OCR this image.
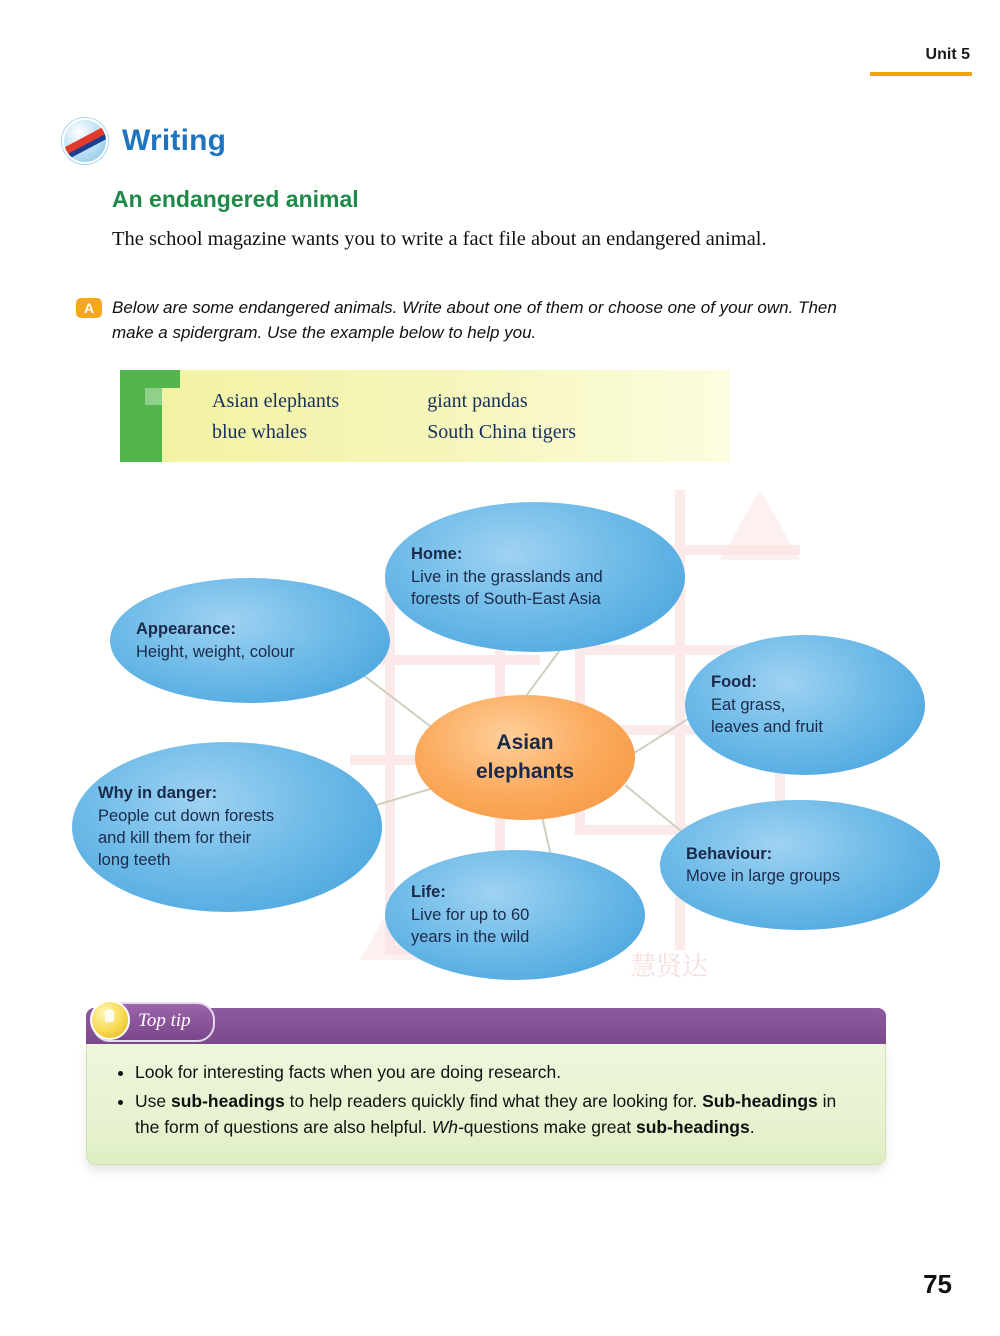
慧贤达
Unit 5
Writing
An endangered animal
The school magazine wants you to write a fact file about an endangered animal.
A	Below are some endangered animals. Write about one of them or choose one of your own. Then make a spidergram. Use the example below to help you.
Asian elephants
blue whales
giant pandas
South China tigers
Asian
elephants
Home:
Live in the grasslands and
forests of South-East Asia
Appearance:
Height, weight, colour
Food:
Eat grass,
leaves and fruit
Why in danger:
People cut down forests
and kill them for their
long teeth	Behaviour:
Move in large groups
Life:
Live for up to 60
years in the wild
Top tip
• Look for interesting facts when you are doing research.
• Use sub-headings to help readers quickly find what they are looking for. Sub-headings in the form of questions are also helpful. Wh-questions make great sub-headings.
75
